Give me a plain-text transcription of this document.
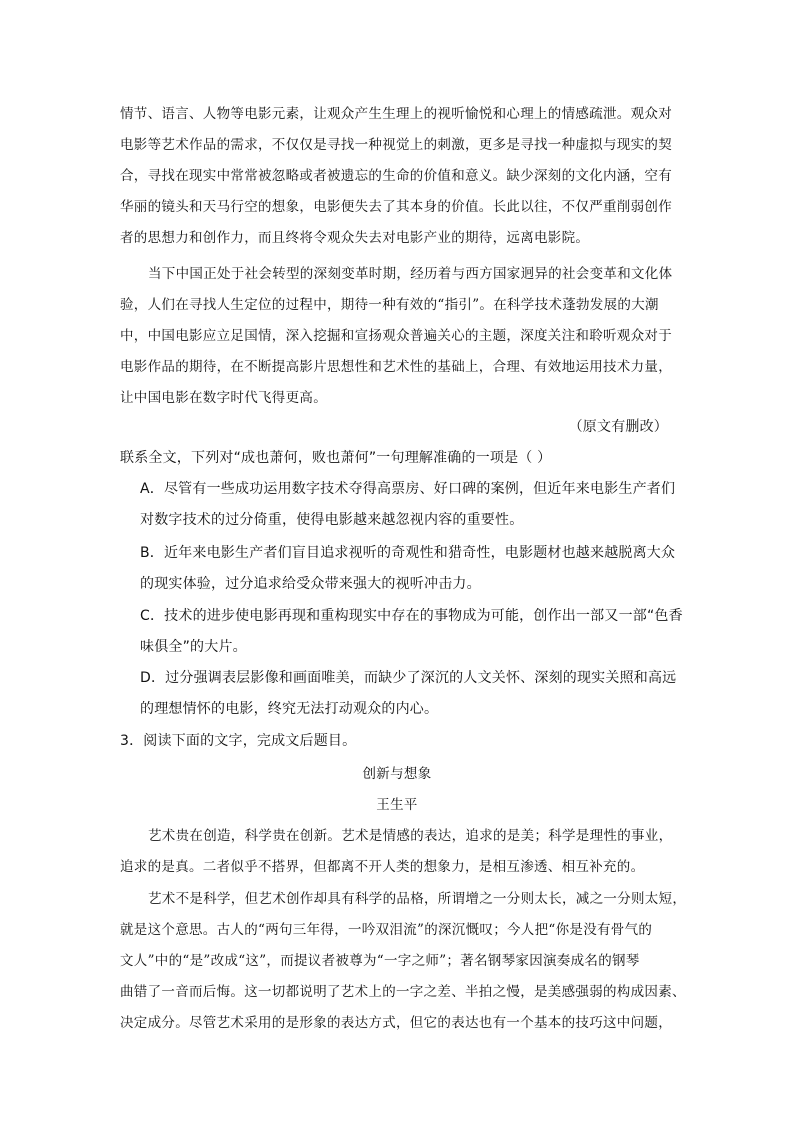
情节、语言、人物等电影元素，让观众产生生理上的视听愉悦和心理上的情感疏泄。观众对
电影等艺术作品的需求，不仅仅是寻找一种视觉上的刺激，更多是寻找一种虚拟与现实的契
合，寻找在现实中常常被忽略或者被遗忘的生命的价值和意义。缺少深刻的文化内涵，空有
华丽的镜头和天马行空的想象，电影便失去了其本身的价值。长此以往，不仅严重削弱创作
者的思想力和创作力，而且终将令观众失去对电影产业的期待，远离电影院。
当下中国正处于社会转型的深刻变革时期，经历着与西方国家迥异的社会变革和文化体
验，人们在寻找人生定位的过程中，期待一种有效的“指引”。在科学技术蓬勃发展的大潮
中，中国电影应立足国情，深入挖掘和宣扬观众普遍关心的主题，深度关注和聆听观众对于
电影作品的期待，在不断提高影片思想性和艺术性的基础上，合理、有效地运用技术力量，
让中国电影在数字时代飞得更高。
（原文有删改）
联系全文，下列对“成也萧何，败也萧何”一句理解准确的一项是（ ）
A．尽管有一些成功运用数字技术夺得高票房、好口碑的案例，但近年来电影生产者们
对数字技术的过分倚重，使得电影越来越忽视内容的重要性。
B．近年来电影生产者们盲目追求视听的奇观性和猎奇性，电影题材也越来越脱离大众
的现实体验，过分追求给受众带来强大的视听冲击力。
C．技术的进步使电影再现和重构现实中存在的事物成为可能，创作出一部又一部“色香
味俱全”的大片。
D．过分强调表层影像和画面唯美，而缺少了深沉的人文关怀、深刻的现实关照和高远
的理想情怀的电影，终究无法打动观众的内心。
3．阅读下面的文字，完成文后题目。
创新与想象
王生平
艺术贵在创造，科学贵在创新。艺术是情感的表达，追求的是美；科学是理性的事业，
追求的是真。二者似乎不搭界，但都离不开人类的想象力，是相互渗透、相互补充的。
艺术不是科学，但艺术创作却具有科学的品格，所谓增之一分则太长，减之一分则太短，
就是这个意思。古人的“两句三年得，一吟双泪流”的深沉慨叹；今人把“你是没有骨气的
文人”中的“是”改成“这”，而提议者被尊为“一字之师”；著名钢琴家因演奏成名的钢琴
曲错了一音而后悔。这一切都说明了艺术上的一字之差、半拍之慢，是美感强弱的构成因素、
决定成分。尽管艺术采用的是形象的表达方式，但它的表达也有一个基本的技巧这中问题，
